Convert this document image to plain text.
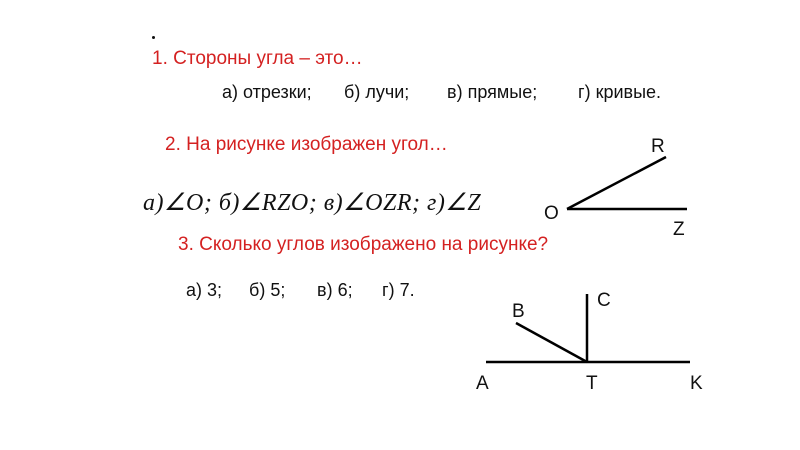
1. Стороны угла – это…
а) отрезки; б) лучи; в) прямые; г) кривые.
2. На рисунке изображен угол…
а)∠O; б)∠RZO; в)∠OZR; г)∠Z
R
O
Z
B
C
A	T	K
3. Сколько углов изображено на рисунке?
а) 3; б) 5; в) 6; г) 7.
